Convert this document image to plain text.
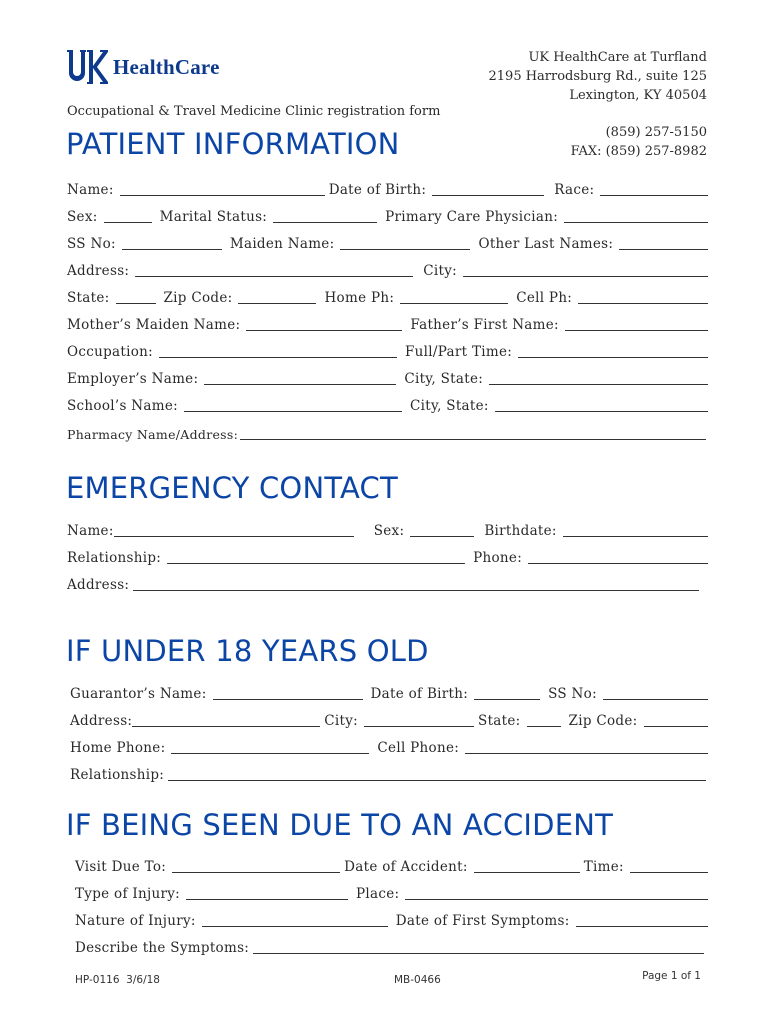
HealthCare	UK HealthCare at Turfland
2195 Harrodsburg Rd., suite 125
Lexington, KY 40504
Occupational & Travel Medicine Clinic registration form
(859) 257-5150
FAX: (859) 257-8982
PATIENT INFORMATION
Name:	Date of Birth:	Race:
Sex:	Marital Status:	Primary Care Physician:
SS No:	Maiden Name:	Other Last Names:
Address:	City:
State:	Zip Code:	Home Ph:	Cell Ph:
Mother’s Maiden Name:	Father’s First Name:
Occupation:	Full/Part Time:
Employer’s Name:	City, State:
School’s Name:	City, State:
Pharmacy Name/Address:
EMERGENCY CONTACT
Name:	Sex:	Birthdate:
Relationship:	Phone:
Address:
IF UNDER 18 YEARS OLD
Guarantor’s Name:	Date of Birth:	SS No:
Address:	City:	State:	Zip Code:
Home Phone:	Cell Phone:
Relationship:
IF BEING SEEN DUE TO AN ACCIDENT
Visit Due To:	Date of Accident:	Time:
Type of Injury:	Place:
Nature of Injury:	Date of First Symptoms:
Describe the Symptoms:
HP-0116  3/6/18	MB-0466	Page 1 of 1
